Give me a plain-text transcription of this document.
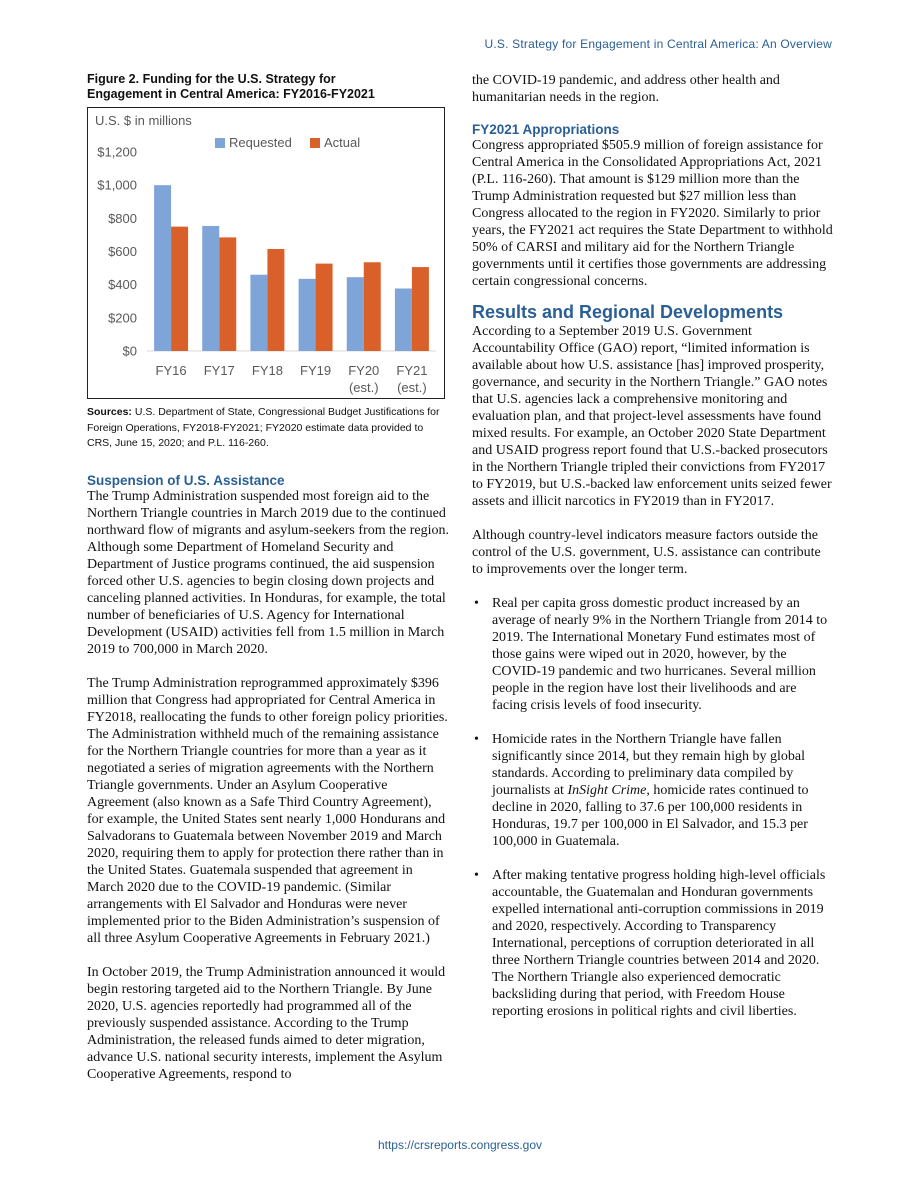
U.S. Strategy for Engagement in Central America: An Overview

Figure 2. Funding for the U.S. Strategy for
Engagement in Central America: FY2016-FY2021

U.S. $ in millions
Requested Actual
$0
$200
$400
$600
$800
$1,000
$1,200
FY16 FY17 FY18 FY19 FY20
(est.)
FY21
(est.)
Sources: U.S. Department of State, Congressional Budget Justifications for Foreign Operations, FY2018-FY2021; FY2020 estimate data provided to CRS, June 15, 2020; and P.L. 116-260.
Suspension of U.S. Assistance

The Trump Administration suspended most foreign aid to the Northern Triangle countries in March 2019 due to the continued northward flow of migrants and asylum-seekers from the region. Although some Department of Homeland Security and Department of Justice programs continued, the aid suspension forced other U.S. agencies to begin closing down projects and canceling planned activities. In Honduras, for example, the total number of beneficiaries of U.S. Agency for International Development (USAID) activities fell from 1.5 million in March 2019 to 700,000 in March 2020.

The Trump Administration reprogrammed approximately $396 million that Congress had appropriated for Central America in FY2018, reallocating the funds to other foreign policy priorities. The Administration withheld much of the remaining assistance for the Northern Triangle countries for more than a year as it negotiated a series of migration agreements with the Northern Triangle governments. Under an Asylum Cooperative Agreement (also known as a Safe Third Country Agreement), for example, the United States sent nearly 1,000 Hondurans and Salvadorans to Guatemala between November 2019 and March 2020, requiring them to apply for protection there rather than in the United States. Guatemala suspended that agreement in March 2020 due to the COVID-19 pandemic. (Similar arrangements with El Salvador and Honduras were never implemented prior to the Biden Administration’s suspension of all three Asylum Cooperative Agreements in February 2021.)

In October 2019, the Trump Administration announced it would begin restoring targeted aid to the Northern Triangle. By June 2020, U.S. agencies reportedly had programmed all of the previously suspended assistance. According to the Trump Administration, the released funds aimed to deter migration, advance U.S. national security interests, implement the Asylum Cooperative Agreements, respond to

the COVID-19 pandemic, and address other health and humanitarian needs in the region.

FY2021 Appropriations

Congress appropriated $505.9 million of foreign assistance for Central America in the Consolidated Appropriations Act, 2021 (P.L. 116-260). That amount is $129 million more than the Trump Administration requested but $27 million less than Congress allocated to the region in FY2020. Similarly to prior years, the FY2021 act requires the State Department to withhold 50% of CARSI and military aid for the Northern Triangle governments until it certifies those governments are addressing certain congressional concerns.

Results and Regional Developments

According to a September 2019 U.S. Government Accountability Office (GAO) report, “limited information is available about how U.S. assistance [has] improved prosperity, governance, and security in the Northern Triangle.” GAO notes that U.S. agencies lack a comprehensive monitoring and evaluation plan, and that project-level assessments have found mixed results. For example, an October 2020 State Department and USAID progress report found that U.S.-backed prosecutors in the Northern Triangle tripled their convictions from FY2017 to FY2019, but U.S.-backed law enforcement units seized fewer assets and illicit narcotics in FY2019 than in FY2017.

Although country-level indicators measure factors outside the control of the U.S. government, U.S. assistance can contribute to improvements over the longer term.

• Real per capita gross domestic product increased by an average of nearly 9% in the Northern Triangle from 2014 to 2019. The International Monetary Fund estimates most of those gains were wiped out in 2020, however, by the COVID-19 pandemic and two hurricanes. Several million people in the region have lost their livelihoods and are facing crisis levels of food insecurity.
• Homicide rates in the Northern Triangle have fallen significantly since 2014, but they remain high by global standards. According to preliminary data compiled by journalists at InSight Crime, homicide rates continued to decline in 2020, falling to 37.6 per 100,000 residents in Honduras, 19.7 per 100,000 in El Salvador, and 15.3 per 100,000 in Guatemala.
• After making tentative progress holding high-level officials accountable, the Guatemalan and Honduran governments expelled international anti-corruption commissions in 2019 and 2020, respectively. According to Transparency International, perceptions of corruption deteriorated in all three Northern Triangle countries between 2014 and 2020. The Northern Triangle also experienced democratic backsliding during that period, with Freedom House reporting erosions in political rights and civil liberties.
https://crsreports.congress.gov
